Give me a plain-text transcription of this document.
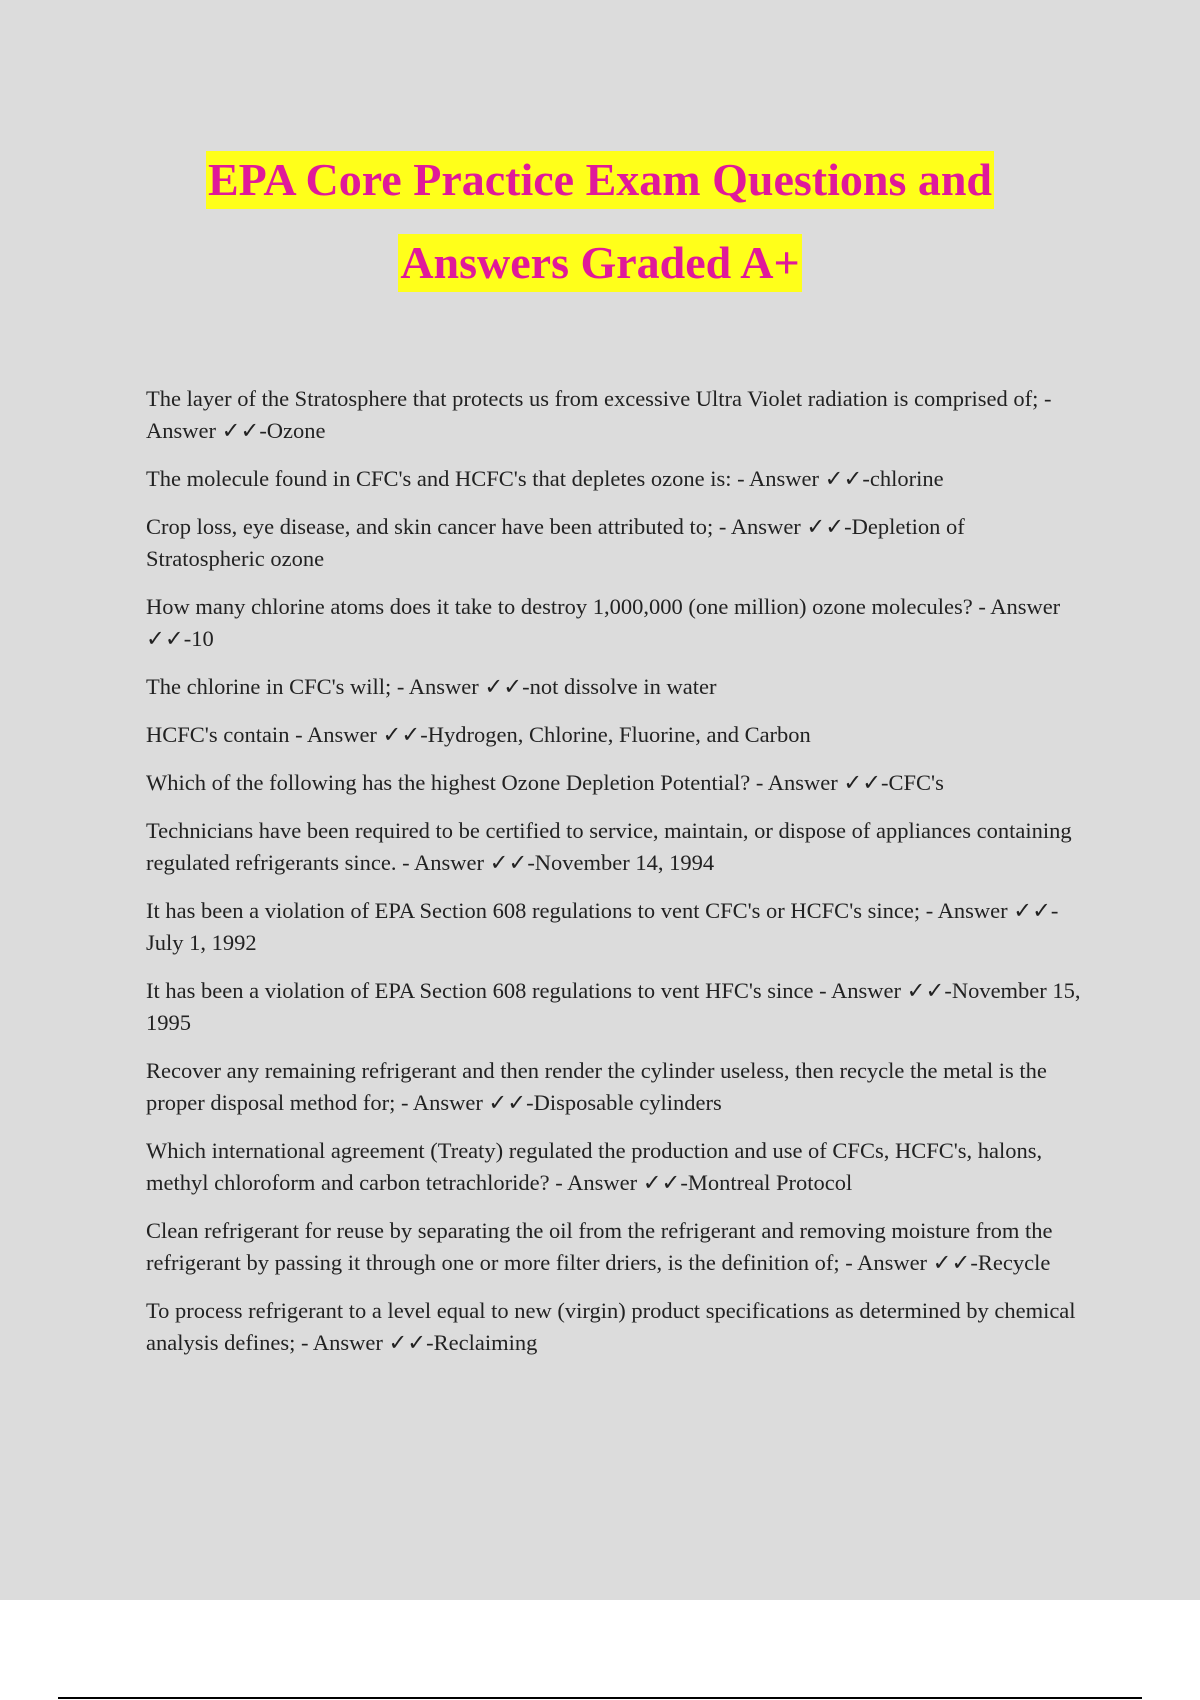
EPA Core Practice Exam Questions and
Answers Graded A+
The layer of the Stratosphere that protects us from excessive Ultra Violet radiation is comprised of; - Answer ✓✓-Ozone
The molecule found in CFC's and HCFC's that depletes ozone is: - Answer ✓✓-chlorine
Crop loss, eye disease, and skin cancer have been attributed to; - Answer ✓✓-Depletion of Stratospheric ozone
How many chlorine atoms does it take to destroy 1,000,000 (one million) ozone molecules? - Answer ✓✓-10
The chlorine in CFC's will; - Answer ✓✓-not dissolve in water
HCFC's contain - Answer ✓✓-Hydrogen, Chlorine, Fluorine, and Carbon
Which of the following has the highest Ozone Depletion Potential? - Answer ✓✓-CFC's
Technicians have been required to be certified to service, maintain, or dispose of appliances containing regulated refrigerants since. - Answer ✓✓-November 14, 1994
It has been a violation of EPA Section 608 regulations to vent CFC's or HCFC's since; - Answer ✓✓-July 1, 1992
It has been a violation of EPA Section 608 regulations to vent HFC's since - Answer ✓✓-November 15, 1995
Recover any remaining refrigerant and then render the cylinder useless, then recycle the metal is the proper disposal method for; - Answer ✓✓-Disposable cylinders
Which international agreement (Treaty) regulated the production and use of CFCs, HCFC's, halons, methyl chloroform and carbon tetrachloride? - Answer ✓✓-Montreal Protocol
Clean refrigerant for reuse by separating the oil from the refrigerant and removing moisture from the refrigerant by passing it through one or more filter driers, is the definition of; - Answer ✓✓-Recycle
To process refrigerant to a level equal to new (virgin) product specifications as determined by chemical analysis defines; - Answer ✓✓-Reclaiming
